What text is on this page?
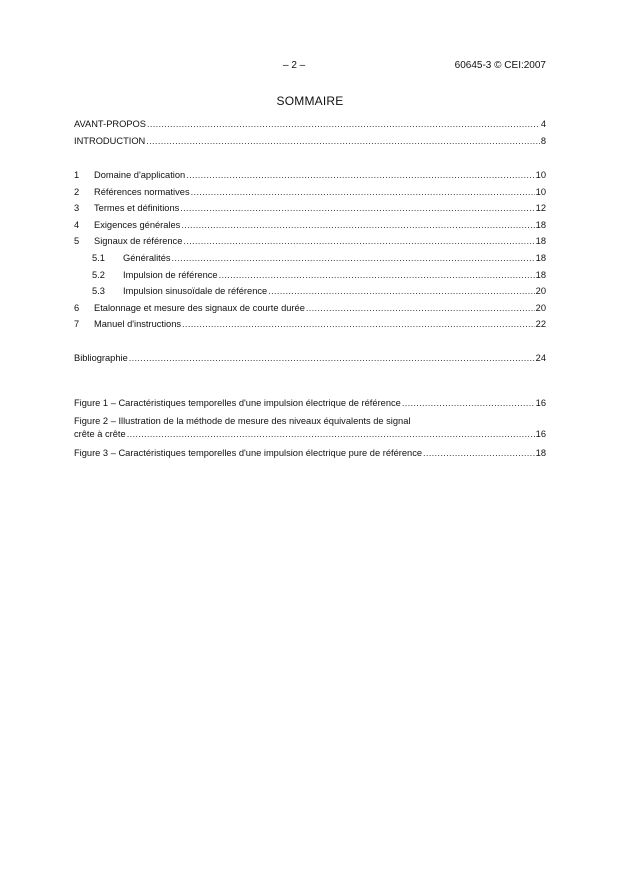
– 2 –	60645-3 © CEI:2007
SOMMAIRE
AVANT-PROPOS .....	4
INTRODUCTION .....	8
1	Domaine d'application .....	10
2	Références normatives .....	10
3	Termes et définitions .....	12
4	Exigences générales .....	18
5	Signaux de référence .....	18
5.1	Généralités .....	18
5.2	Impulsion de référence .....	18
5.3	Impulsion sinusoïdale de référence .....	20
6	Etalonnage et mesure des signaux de courte durée .....	20
7	Manuel d'instructions .....	22
Bibliographie .....	24
Figure 1 – Caractéristiques temporelles d'une impulsion électrique de référence .....	16
Figure 2 – Illustration de la méthode de mesure des niveaux équivalents de signal
crête à crête .....	16
Figure 3 – Caractéristiques temporelles d'une impulsion électrique pure de référence .....	18
